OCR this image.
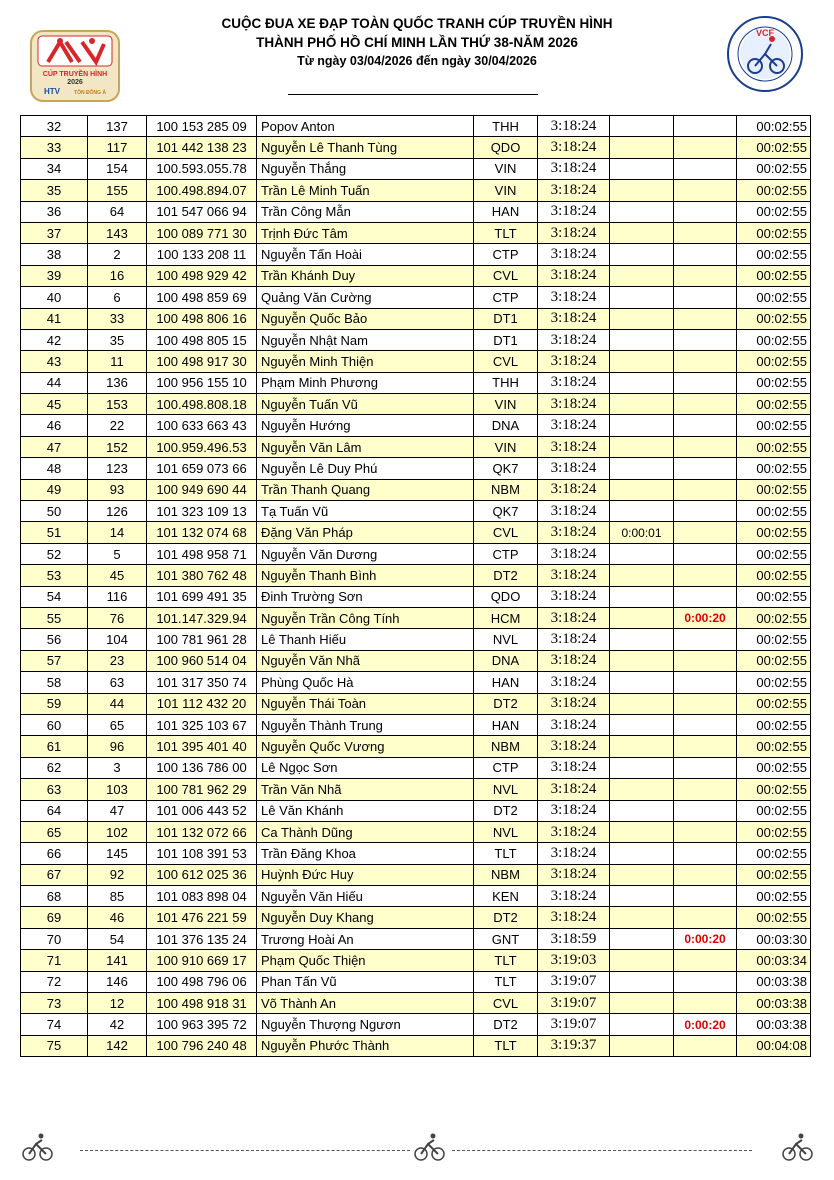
CÚP TRUYỀN HÌNH
2026
HTV	TÔN ĐÔNG Á
CUỘC ĐUA XE ĐẠP TOÀN QUỐC TRANH CÚP TRUYỀN HÌNH
THÀNH PHỐ HỒ CHÍ MINH LẦN THỨ 38-NĂM 2026
Từ ngày 03/04/2026 đến ngày 30/04/2026
VCF
32	137	100 153 285 09	Popov Anton	THH	3:18:24			00:02:55
33	117	101 442 138 23	Nguyễn Lê Thanh Tùng	QDO	3:18:24			00:02:55
34	154	100.593.055.78	Nguyễn Thắng	VIN	3:18:24			00:02:55
35	155	100.498.894.07	Trần Lê Minh Tuấn	VIN	3:18:24			00:02:55
36	64	101 547 066 94	Trần Công Mẫn	HAN	3:18:24			00:02:55
37	143	100 089 771 30	Trịnh Đức Tâm	TLT	3:18:24			00:02:55
38	2	100 133 208 11	Nguyễn Tấn Hoài	CTP	3:18:24			00:02:55
39	16	100 498 929 42	Trần Khánh Duy	CVL	3:18:24			00:02:55
40	6	100 498 859 69	Quảng Văn Cường	CTP	3:18:24			00:02:55
41	33	100 498 806 16	Nguyễn Quốc Bảo	DT1	3:18:24			00:02:55
42	35	100 498 805 15	Nguyễn Nhật Nam	DT1	3:18:24			00:02:55
43	11	100 498 917 30	Nguyễn Minh Thiện	CVL	3:18:24			00:02:55
44	136	100 956 155 10	Phạm Minh Phương	THH	3:18:24			00:02:55
45	153	100.498.808.18	Nguyễn Tuấn Vũ	VIN	3:18:24			00:02:55
46	22	100 633 663 43	Nguyễn Hướng	DNA	3:18:24			00:02:55
47	152	100.959.496.53	Nguyễn Văn Lâm	VIN	3:18:24			00:02:55
48	123	101 659 073 66	Nguyễn Lê Duy Phú	QK7	3:18:24			00:02:55
49	93	100 949 690 44	Trần Thanh Quang	NBM	3:18:24			00:02:55
50	126	101 323 109 13	Tạ Tuấn Vũ	QK7	3:18:24			00:02:55
51	14	101 132 074 68	Đặng Văn Pháp	CVL	3:18:24	0:00:01		00:02:55
52	5	101 498 958 71	Nguyễn Văn Dương	CTP	3:18:24			00:02:55
53	45	101 380 762 48	Nguyễn Thanh Bình	DT2	3:18:24			00:02:55
54	116	101 699 491 35	Đinh Trường Sơn	QDO	3:18:24			00:02:55
55	76	101.147.329.94	Nguyễn Trần Công Tính	HCM	3:18:24		0:00:20	00:02:55
56	104	100 781 961 28	Lê Thanh Hiếu	NVL	3:18:24			00:02:55
57	23	100 960 514 04	Nguyễn Văn Nhã	DNA	3:18:24			00:02:55
58	63	101 317 350 74	Phùng Quốc Hà	HAN	3:18:24			00:02:55
59	44	101 112 432 20	Nguyễn Thái Toàn	DT2	3:18:24			00:02:55
60	65	101 325 103 67	Nguyễn Thành Trung	HAN	3:18:24			00:02:55
61	96	101 395 401 40	Nguyễn Quốc Vương	NBM	3:18:24			00:02:55
62	3	100 136 786 00	Lê Ngọc Sơn	CTP	3:18:24			00:02:55
63	103	100 781 962 29	Trần Văn Nhã	NVL	3:18:24			00:02:55
64	47	101 006 443 52	Lê Văn Khánh	DT2	3:18:24			00:02:55
65	102	101 132 072 66	Ca Thành Dũng	NVL	3:18:24			00:02:55
66	145	101 108 391 53	Trần Đăng Khoa	TLT	3:18:24			00:02:55
67	92	100 612 025 36	Huỳnh Đức Huy	NBM	3:18:24			00:02:55
68	85	101 083 898 04	Nguyễn Văn Hiếu	KEN	3:18:24			00:02:55
69	46	101 476 221 59	Nguyễn Duy Khang	DT2	3:18:24			00:02:55
70	54	101 376 135 24	Trương Hoài An	GNT	3:18:59		0:00:20	00:03:30
71	141	100 910 669 17	Phạm Quốc Thiện	TLT	3:19:03			00:03:34
72	146	100 498 796 06	Phan Tấn Vũ	TLT	3:19:07			00:03:38
73	12	100 498 918 31	Võ Thành An	CVL	3:19:07			00:03:38
74	42	100 963 395 72	Nguyễn Thượng Ngươn	DT2	3:19:07		0:00:20	00:03:38
75	142	100 796 240 48	Nguyễn Phước Thành	TLT	3:19:37			00:04:08
